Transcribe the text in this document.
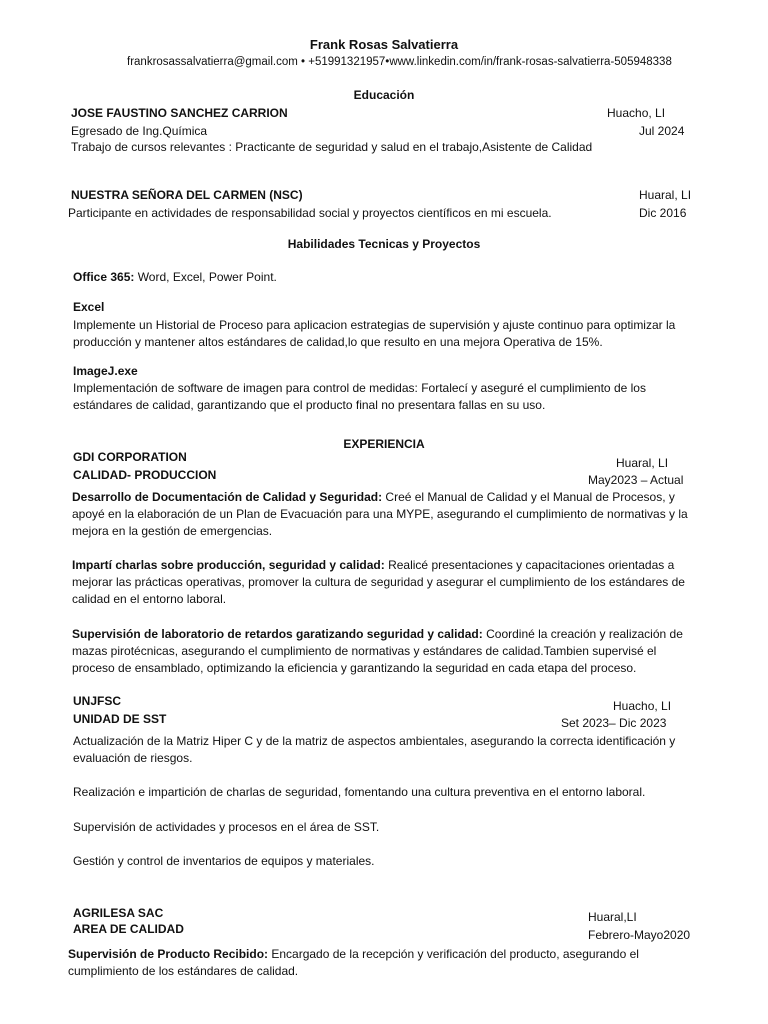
Frank Rosas Salvatierra
frankrosassalvatierra@gmail.com • +51991321957•www.linkedin.com/in/frank-rosas-salvatierra-505948338
Educación
JOSE FAUSTINO SANCHEZ CARRION	Huacho, LI
Egresado de Ing.Química	Jul 2024
Trabajo de cursos relevantes : Practicante de seguridad y salud en el trabajo,Asistente de Calidad
NUESTRA SEÑORA DEL CARMEN (NSC)	Huaral, LI
Participante en actividades de responsabilidad social y proyectos científicos en mi escuela.	Dic 2016
Habilidades Tecnicas y Proyectos
Office 365: Word, Excel, Power Point.
Excel
Implemente un Historial de Proceso para aplicacion estrategias de supervisión y ajuste continuo para optimizar la producción y mantener altos estándares de calidad,lo que resulto en una mejora Operativa de 15%.
ImageJ.exe
Implementación de software de imagen para control de medidas: Fortalecí y aseguré el cumplimiento de los estándares de calidad, garantizando que el producto final no presentara fallas en su uso.
EXPERIENCIA
GDI CORPORATION
CALIDAD- PRODUCCION
Huaral, LI
May2023 – Actual
Desarrollo de Documentación de Calidad y Seguridad: Creé el Manual de Calidad y el Manual de Procesos, y apoyé en la elaboración de un Plan de Evacuación para una MYPE, asegurando el cumplimiento de normativas y la mejora en la gestión de emergencias.
Impartí charlas sobre producción, seguridad y calidad: Realicé presentaciones y capacitaciones orientadas a mejorar las prácticas operativas, promover la cultura de seguridad y asegurar el cumplimiento de los estándares de calidad en el entorno laboral.
Supervisión de laboratorio de retardos garatizando seguridad y calidad: Coordiné la creación y realización de mazas pirotécnicas, asegurando el cumplimiento de normativas y estándares de calidad.Tambien supervisé el proceso de ensamblado, optimizando la eficiencia y garantizando la seguridad en cada etapa del proceso.
UNJFSC
UNIDAD DE SST
Huacho, LI
Set 2023– Dic 2023
Actualización de la Matriz Hiper C y de la matriz de aspectos ambientales, asegurando la correcta identificación y evaluación de riesgos.
Realización e impartición de charlas de seguridad, fomentando una cultura preventiva en el entorno laboral.
Supervisión de actividades y procesos en el área de SST.
Gestión y control de inventarios de equipos y materiales.
AGRILESA SAC
AREA DE CALIDAD
Huaral,LI
Febrero-Mayo2020
Supervisión de Producto Recibido: Encargado de la recepción y verificación del producto, asegurando el cumplimiento de los estándares de calidad.
